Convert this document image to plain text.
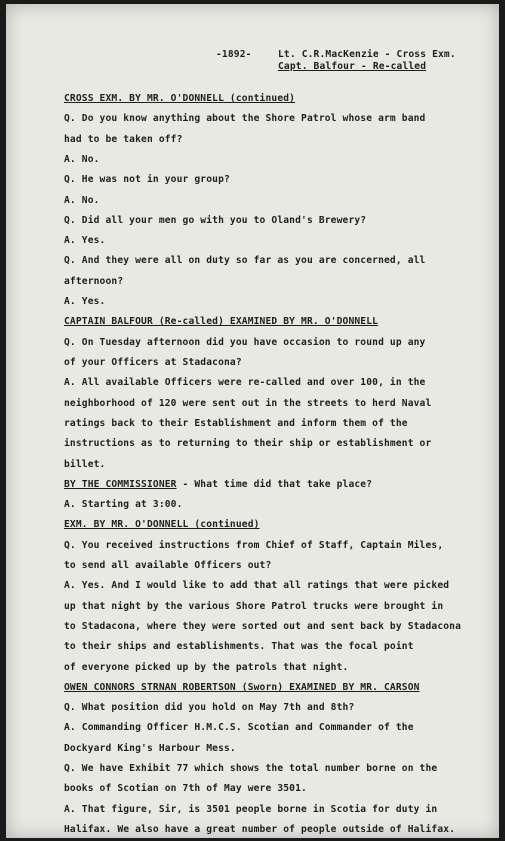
-1892-	Lt. C.R.MacKenzie - Cross Exm.
Capt. Balfour - Re-called
CROSS EXM. BY MR. O'DONNELL (continued)
Q. Do you know anything about the Shore Patrol whose arm band
had to be taken off?
A. No.
Q. He was not in your group?
A. No.
Q. Did all your men go with you to Oland's Brewery?
A. Yes.
Q. And they were all on duty so far as you are concerned, all
afternoon?
A. Yes.
CAPTAIN BALFOUR (Re-called) EXAMINED BY MR. O'DONNELL
Q. On Tuesday afternoon did you have occasion to round up any
of your Officers at Stadacona?
A. All available Officers were re-called and over 100, in the
neighborhood of 120 were sent out in the streets to herd Naval
ratings back to their Establishment and inform them of the
instructions as to returning to their ship or establishment or
billet.
BY THE COMMISSIONER - What time did that take place?
A. Starting at 3:00.
EXM. BY MR. O'DONNELL (continued)
Q. You received instructions from Chief of Staff, Captain Miles,
to send all available Officers out?
A. Yes. And I would like to add that all ratings that were picked
up that night by the various Shore Patrol trucks were brought in
to Stadacona, where they were sorted out and sent back by Stadacona
to their ships and establishments. That was the focal point
of everyone picked up by the patrols that night.
OWEN CONNORS STRNAN ROBERTSON (Sworn) EXAMINED BY MR. CARSON
Q. What position did you hold on May 7th and 8th?
A. Commanding Officer H.M.C.S. Scotian and Commander of the
Dockyard King's Harbour Mess.
Q. We have Exhibit 77 which shows the total number borne on the
books of Scotian on 7th of May were 3501.
A. That figure, Sir, is 3501 people borne in Scotia for duty in
Halifax. We also have a great number of people outside of Halifax.
